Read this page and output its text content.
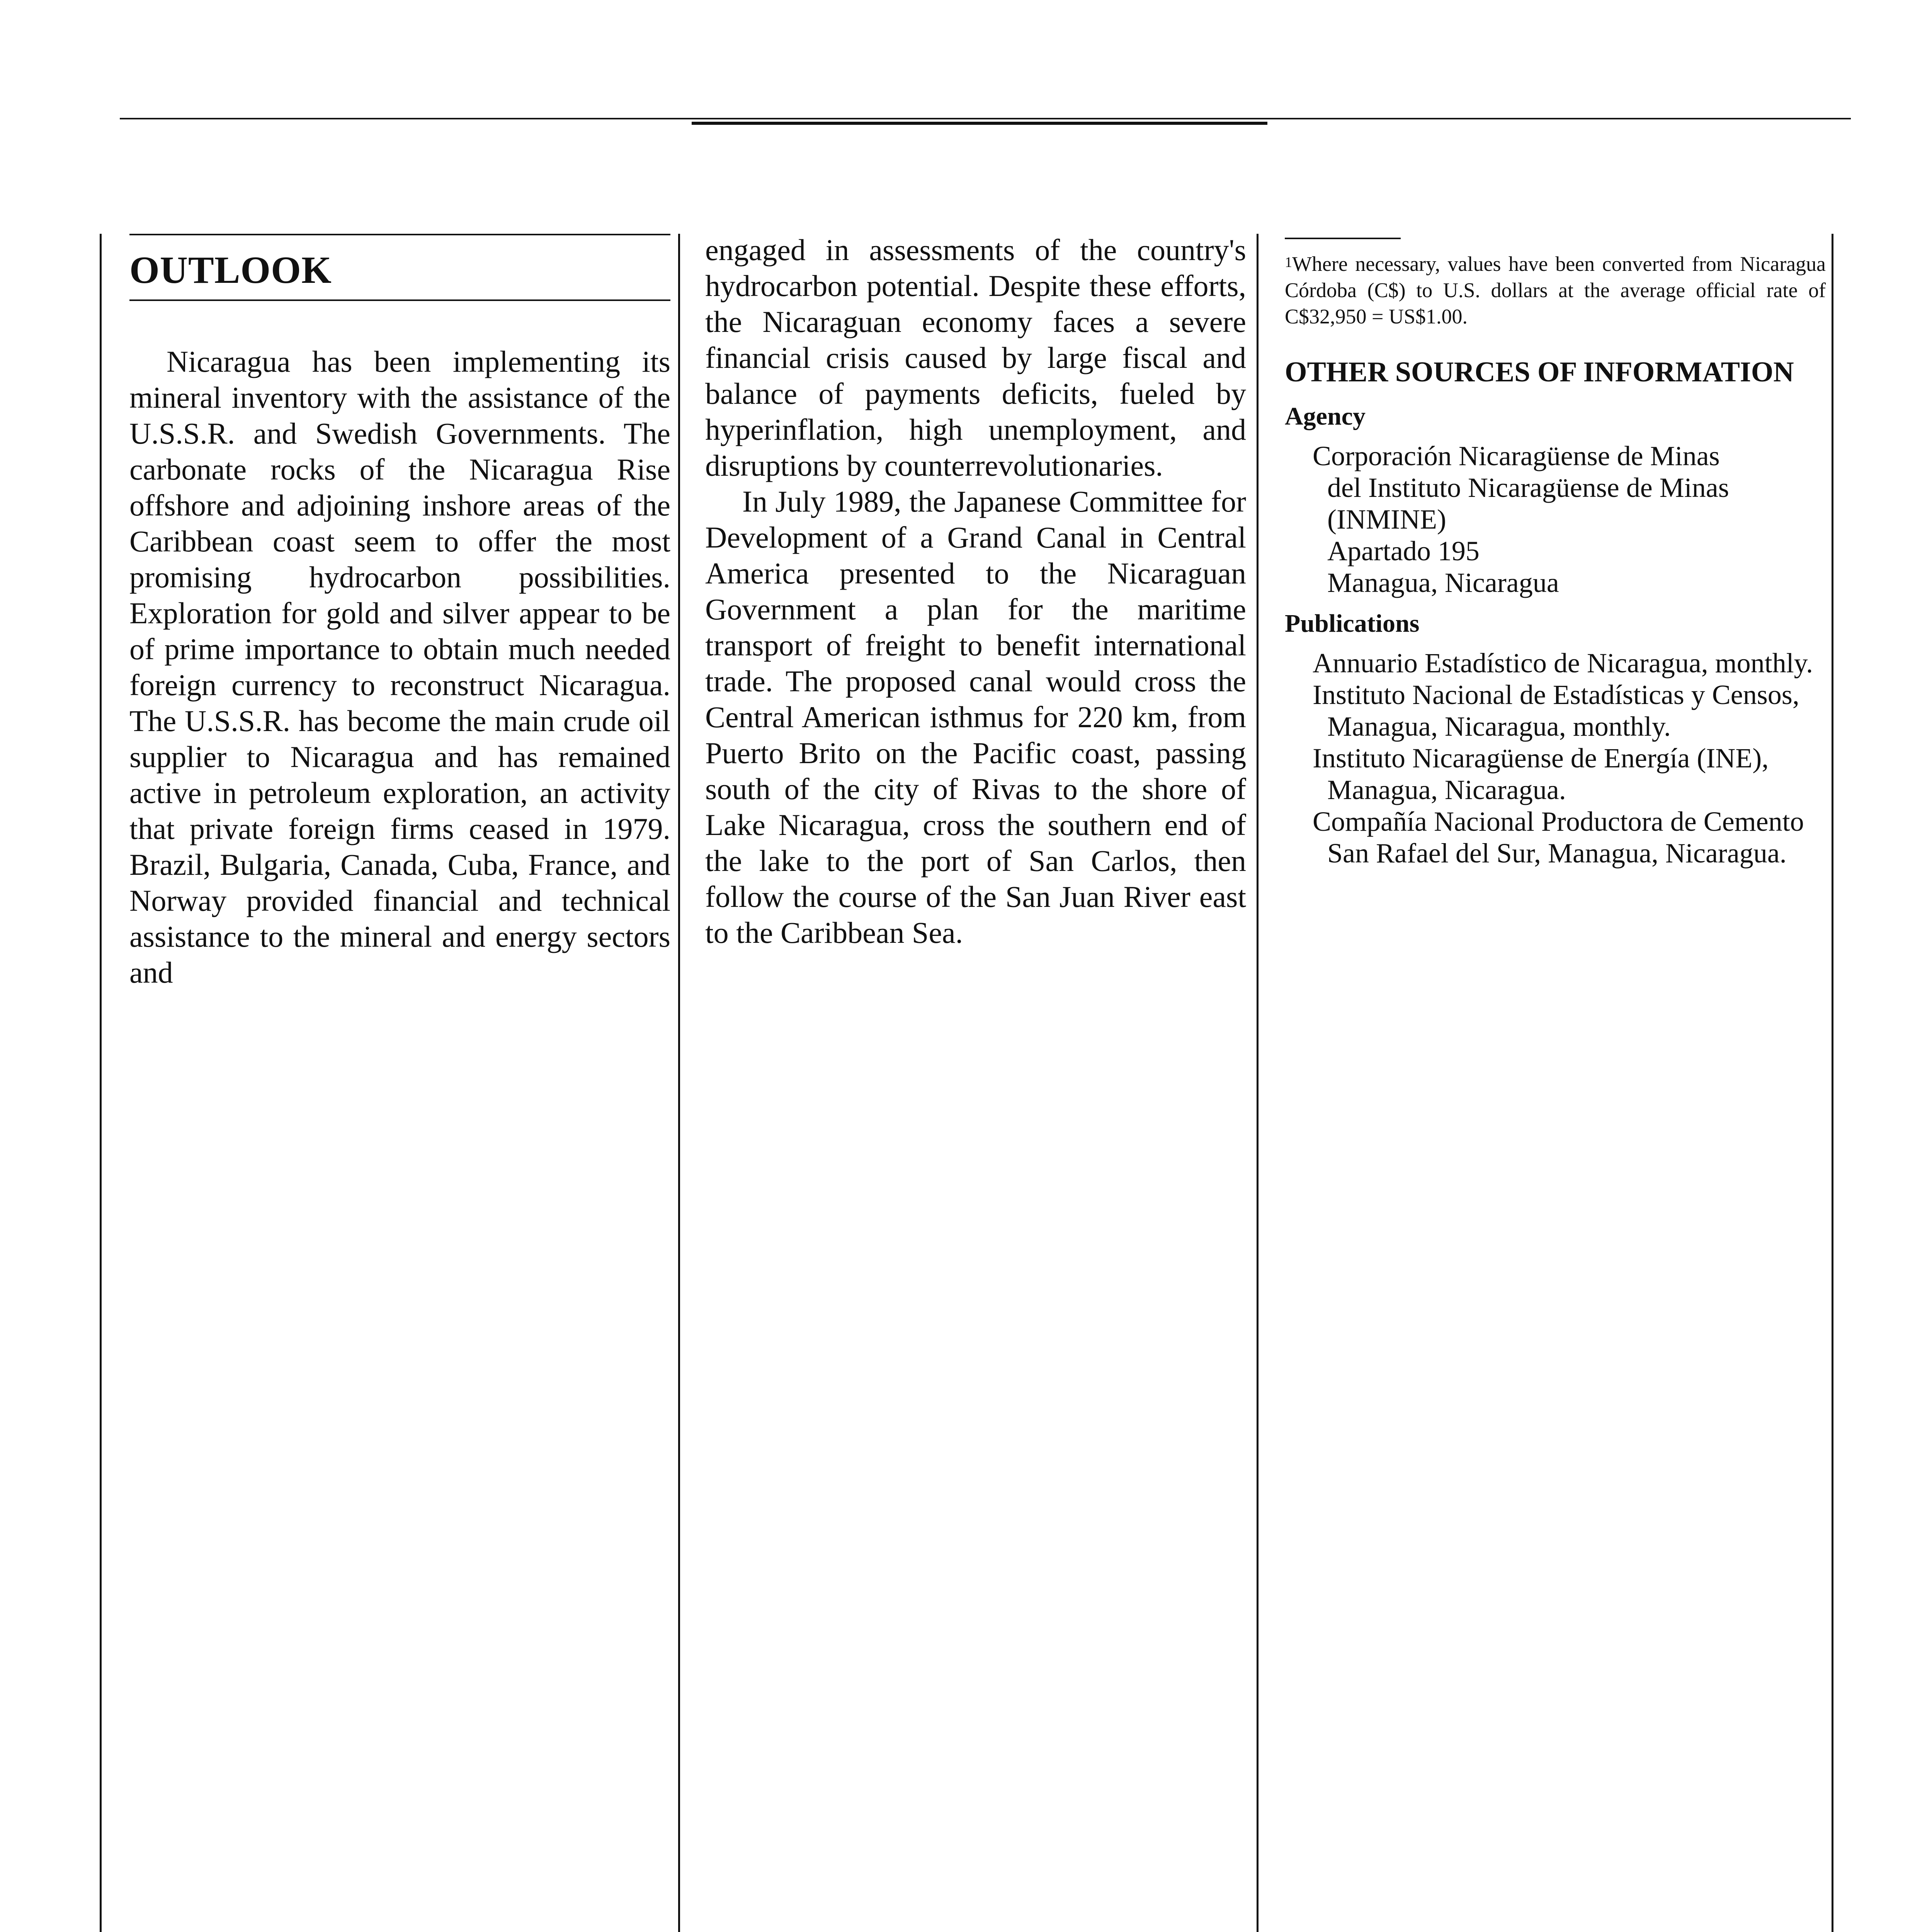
OUTLOOK

Nicaragua has been implementing its mineral inventory with the assistance of the U.S.S.R. and Swedish Governments. The carbonate rocks of the Nicaragua Rise offshore and adjoining inshore areas of the Caribbean coast seem to offer the most promising hydrocarbon possibilities. Exploration for gold and silver appear to be of prime importance to obtain much needed foreign currency to reconstruct Nicaragua. The U.S.S.R. has become the main crude oil supplier to Nicaragua and has remained active in petroleum exploration, an activity that private foreign firms ceased in 1979. Brazil, Bulgaria, Canada, Cuba, France, and Norway provided financial and technical assistance to the mineral and energy sectors and

engaged in assessments of the country's hydrocarbon potential. Despite these efforts, the Nicaraguan economy faces a severe financial crisis caused by large fiscal and balance of payments deficits, fueled by hyperinflation, high unemployment, and disruptions by counterrevolutionaries.

In July 1989, the Japanese Committee for Development of a Grand Canal in Central America presented to the Nicaraguan Government a plan for the maritime transport of freight to benefit international trade. The proposed canal would cross the Central American isthmus for 220 km, from Puerto Brito on the Pacific coast, passing south of the city of Rivas to the shore of Lake Nicaragua, cross the southern end of the lake to the port of San Carlos, then follow the course of the San Juan River east to the Caribbean Sea.

$^1$Where necessary, values have been converted from Nicaragua Córdoba (C$) to U.S. dollars at the average official rate of C$32,950 = US$1.00.

OTHER SOURCES OF INFORMATION
Agency
Corporación Nicaragüense de Minas
del Instituto Nicaragüense de Minas
(INMINE)
Apartado 195
Managua, Nicaragua
Publications

Annuario Estadístico de Nicaragua, monthly.

Instituto Nacional de Estadísticas y Censos, Managua, Nicaragua, monthly.

Instituto Nicaragüense de Energía (INE), Managua, Nicaragua.

Compañía Nacional Productora de Cemento San Rafael del Sur, Managua, Nicaragua.
